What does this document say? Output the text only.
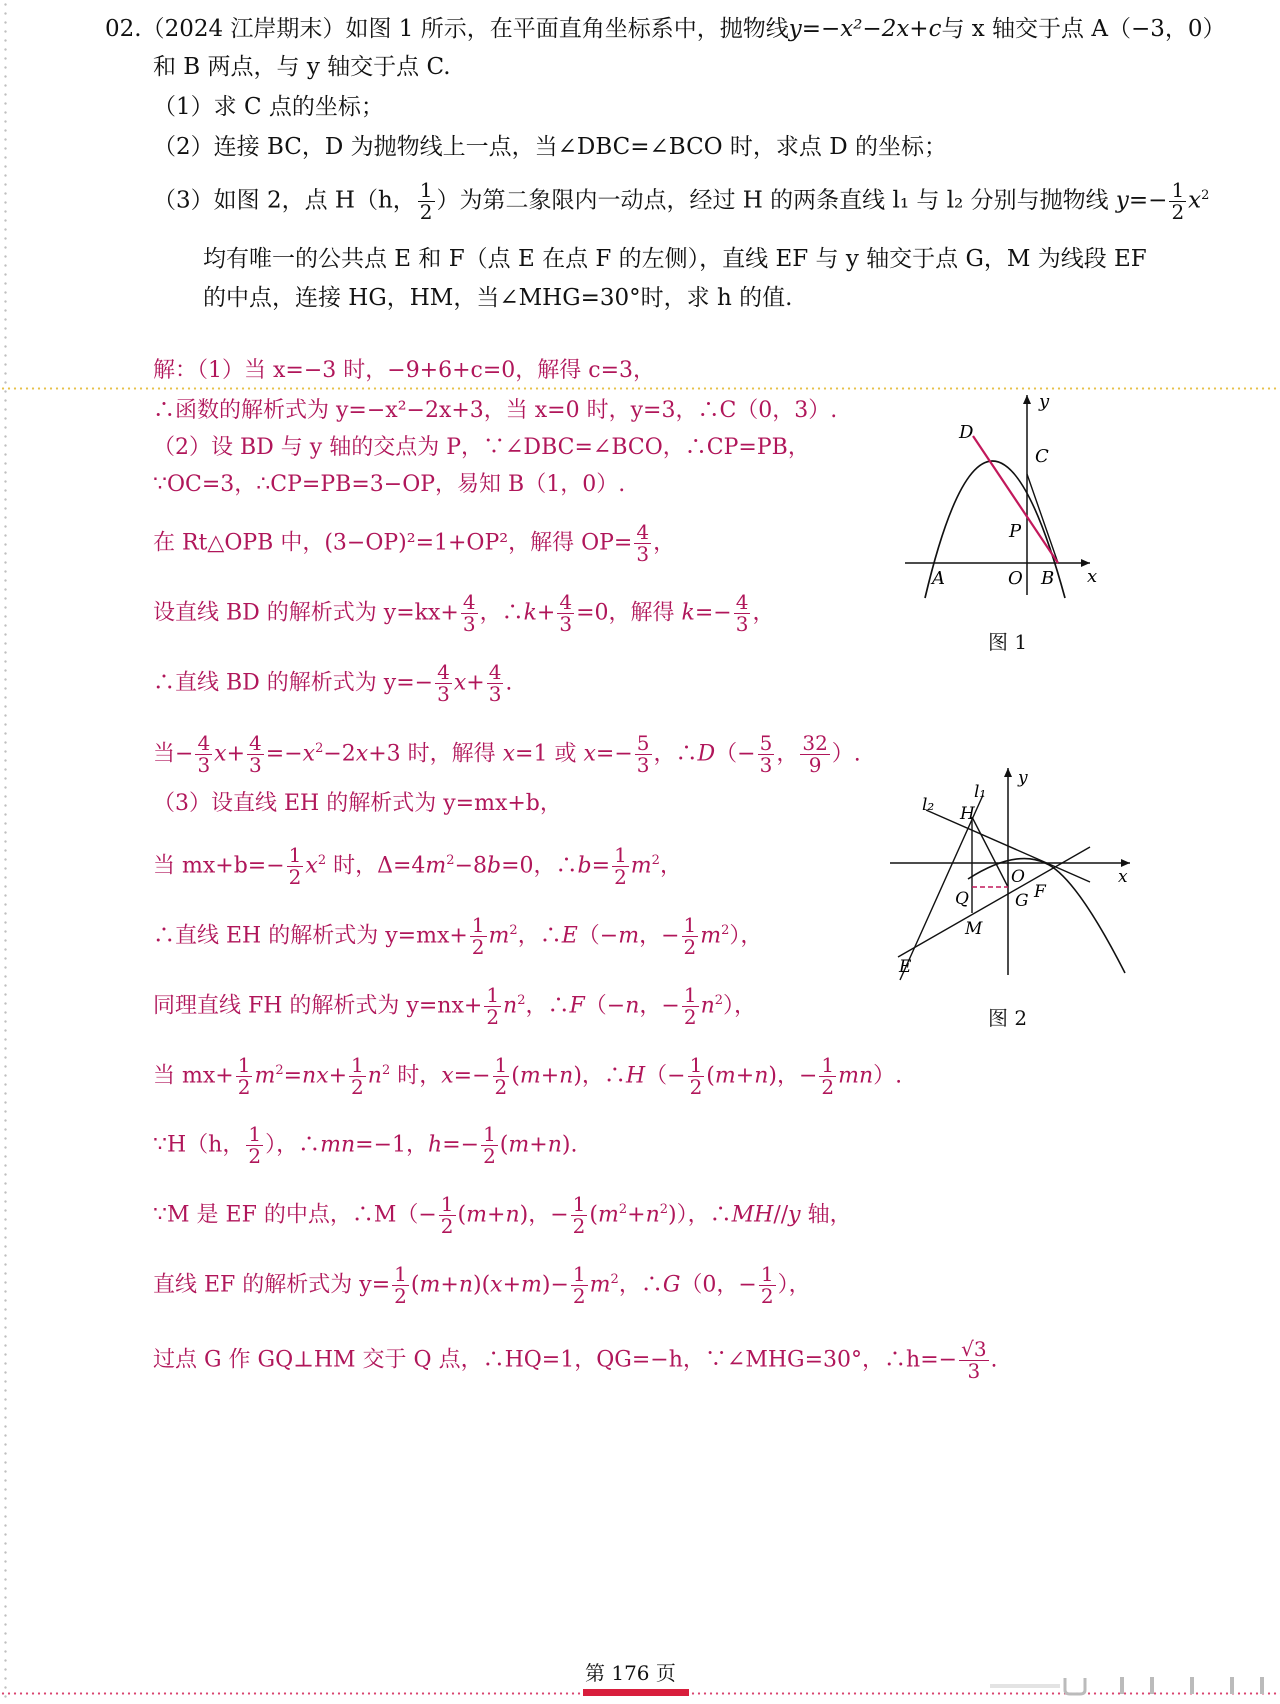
02.（2024 江岸期末）如图 1 所示，在平面直角坐标系中，抛物线y=−x²−2x+c与 x 轴交于点 A（−3，0）
和 B 两点，与 y 轴交于点 C.
（1）求 C 点的坐标；
（2）连接 BC，D 为抛物线上一点，当∠DBC=∠BCO 时，求点 D 的坐标；
（3）如图 2，点 H（h， $\frac{1}{2}$ ）为第二象限内一动点，经过 H 的两条直线 l₁ 与 l₂ 分别与抛物线 $y=- \frac{1}{2} x^2$
均有唯一的公共点 E 和 F（点 E 在点 F 的左侧），直线 EF 与 y 轴交于点 G，M 为线段 EF
的中点，连接 HG，HM，当∠MHG=30°时，求 h 的值.
解：（1）当 x=−3 时，−9+6+c=0，解得 c=3，
∴函数的解析式为 y=−x²−2x+3，当 x=0 时，y=3，∴C（0，3）.
（2）设 BD 与 y 轴的交点为 P，∵∠DBC=∠BCO，∴CP=PB，
∵OC=3，∴CP=PB=3−OP，易知 B（1，0）.
在 Rt△OPB 中，(3−OP)²=1+OP²，解得 $OP= \frac{4}{3}$ ，
设直线 BD 的解析式为 $y=kx+ \frac{4}{3}$ ，∴k+ $\frac{4}{3} =0$，解得 $k=- \frac{4}{3}$ ，
∴直线 BD 的解析式为 $y=- \frac{4}{3} x+ \frac{4}{3}$ .
当− $\frac{4}{3} x+ \frac{4}{3} =-x^2-2x+3$ 时，解得 x=1 或 $x=- \frac{5}{3}$ ，∴D（− $\frac{5}{3}$ ， $\frac{32}{9}$ ）.
（3）设直线 EH 的解析式为 y=mx+b，
当 $mx+b=- \frac{1}{2} x^2$ 时，$\Delta=4m^2-8b=0$，∴b= $\frac{1}{2} m^2$，
∴直线 EH 的解析式为 $y=mx+ \frac{1}{2} m^2$，∴E（−m，− $\frac{1}{2} m^2$），
同理直线 FH 的解析式为 $y=nx+ \frac{1}{2} n^2$，∴F（−n，− $\frac{1}{2} n^2$），
当 $mx+ \frac{1}{2} m^2=nx+ \frac{1}{2} n^2$ 时，$x=- \frac{1}{2} (m+n)$，∴H（− $\frac{1}{2} (m+n)$，− $\frac{1}{2} mn$）.
∵H（h， $\frac{1}{2}$ ），∴mn=−1，$h=- \frac{1}{2} (m+n)$.
∵M 是 EF 的中点，∴M（− $\frac{1}{2} (m+n)$，− $\frac{1}{2} (m^2+n^2)$），∴MH//y 轴，
直线 EF 的解析式为 $y= \frac{1}{2} (m+n)(x+m)- \frac{1}{2} m^2$，∴G（0，− $\frac{1}{2}$ ），
过点 G 作 GQ⊥HM 交于 Q 点，∴HQ=1，QG=−h，∵∠MHG=30°，∴h=− $\frac{√3}{3}$ .
y
D
C
P
A	O B x
图 1
l₁
y
l₂ H
O	x
Q	G F
M
E
图 2
第 176 页
